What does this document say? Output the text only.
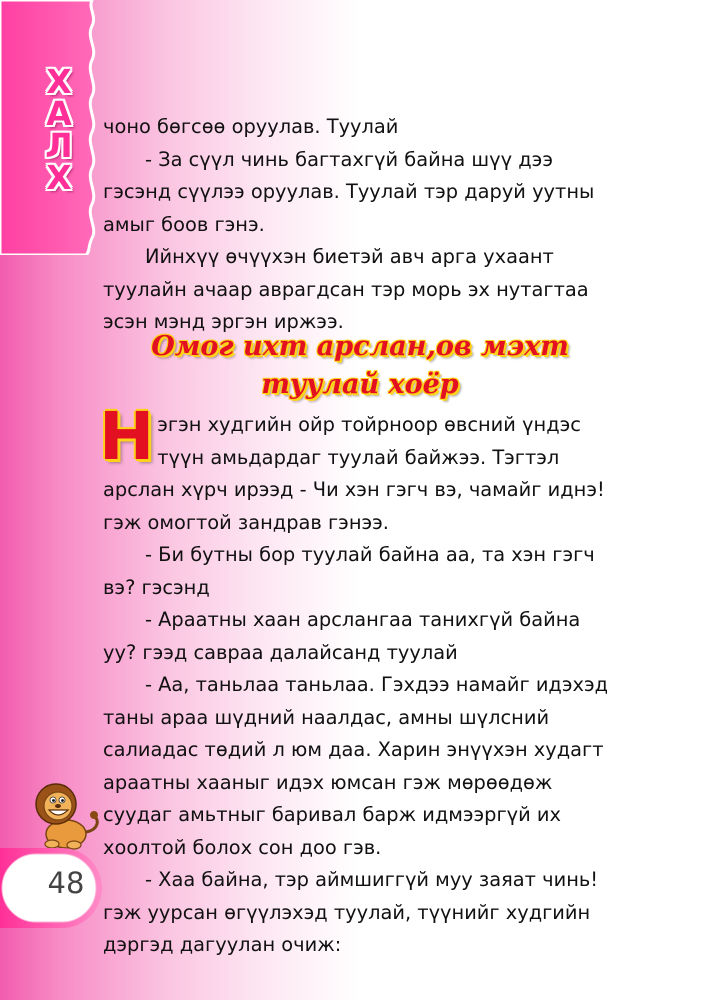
Х
А
Л
Х

чоно бөгсөө оруулав. Туулай

- За сүүл чинь багтахгүй байна шүү дээ гэсэнд сүүлээ оруулав. Туулай тэр даруй уутны амыг боов гэнэ.

Ийнхүү өчүүхэн биетэй авч арга ухаант туулайн ачаар аврагдсан тэр морь эх нутагтаа эсэн мэнд эргэн иржээ.

Омог ихт арслан,ов мэхт
туулай хоёр

Нэгэн худгийн ойр тойрноор өвсний үндэс түүн амьдардаг туулай байжээ. Тэгтэл арслан хүрч ирээд - Чи хэн гэгч вэ, чамайг иднэ! гэж омогтой зандрав гэнээ.

- Би бутны бор туулай байна аа, та хэн гэгч вэ? гэсэнд

- Араатны хаан арслангаа танихгүй байна уу? гээд савраа далайсанд туулай

- Аа, таньлаа таньлаа. Гэхдээ намайг идэхэд таны араа шүдний наалдас, амны шүлсний салиадас төдий л юм даа. Харин энүүхэн худагт араатны хааныг идэх юмсан гэж мөрөөдөж суудаг амьтныг баривал барж идмээргүй их хоолтой болох сон доо гэв.

- Хаа байна, тэр аймшиггүй муу заяат чинь! гэж уурсан өгүүлэхэд туулай, түүнийг худгийн дэргэд дагуулан очиж:

48
